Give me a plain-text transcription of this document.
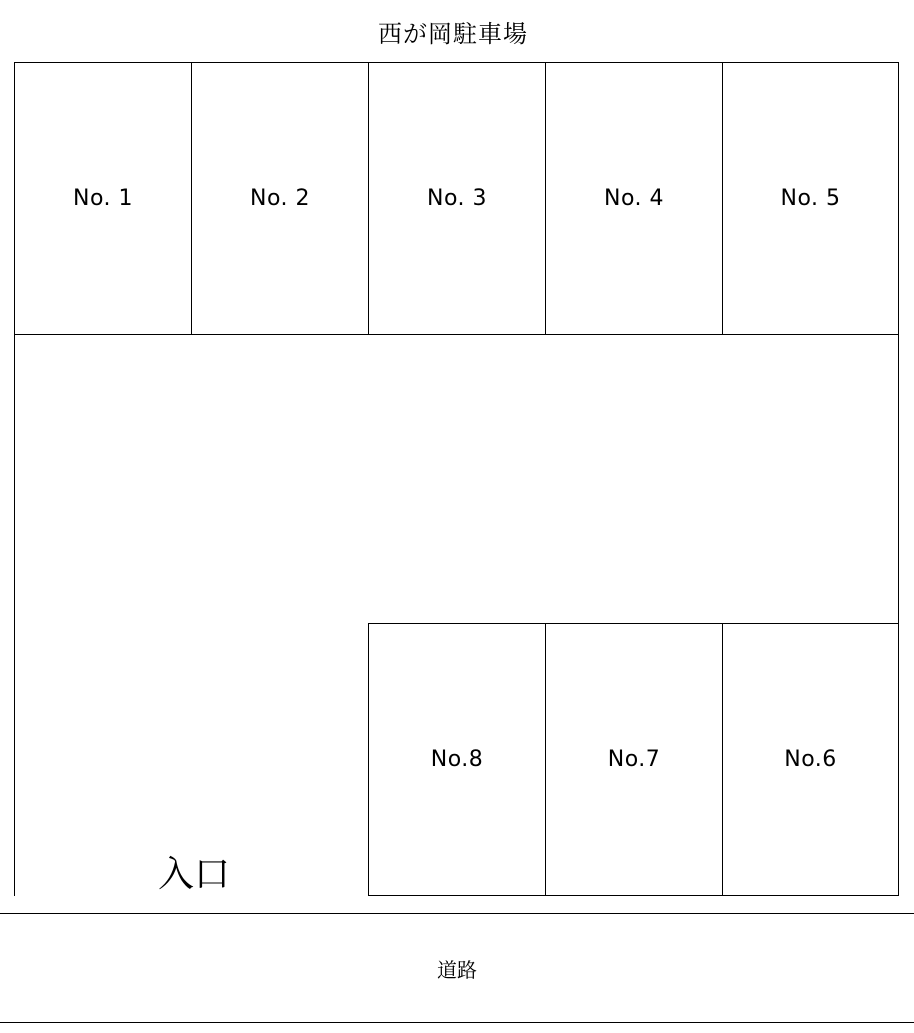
西が岡駐車場
No. 1	No. 2	No. 3	No. 4	No. 5
No.8	No.7	No.6
入口
道路
